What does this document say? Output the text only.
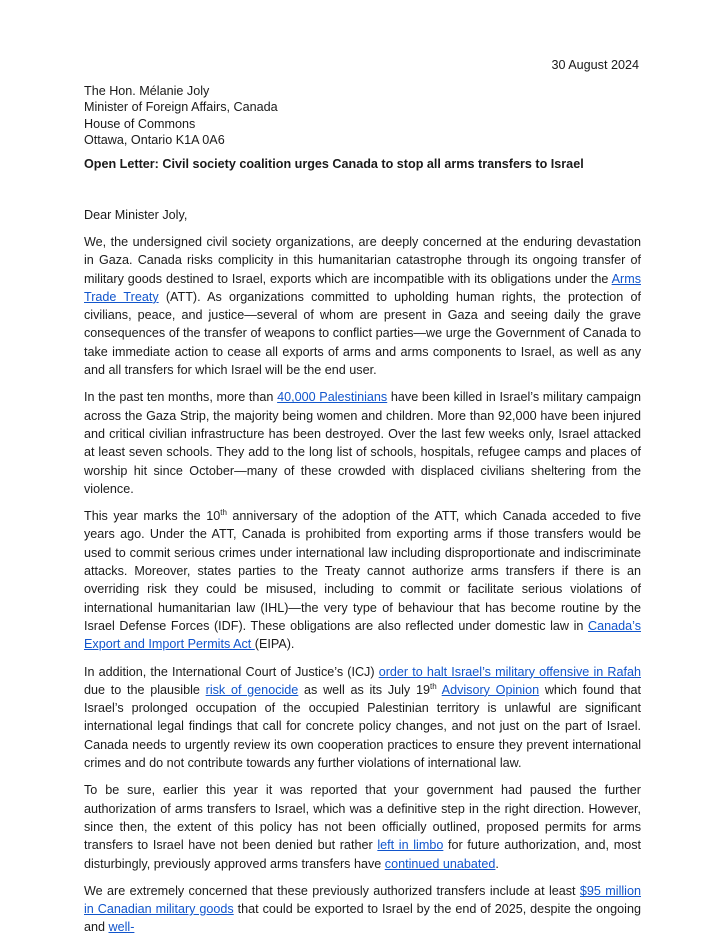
30 August 2024
The Hon. Mélanie Joly
Minister of Foreign Affairs, Canada
House of Commons
Ottawa, Ontario K1A 0A6
Open Letter: Civil society coalition urges Canada to stop all arms transfers to Israel
Dear Minister Joly,

We, the undersigned civil society organizations, are deeply concerned at the enduring devastation in Gaza. Canada risks complicity in this humanitarian catastrophe through its ongoing transfer of military goods destined to Israel, exports which are incompatible with its obligations under the Arms Trade Treaty (ATT). As organizations committed to upholding human rights, the protection of civilians, peace, and justice—several of whom are present in Gaza and seeing daily the grave consequences of the transfer of weapons to conflict parties—we urge the Government of Canada to take immediate action to cease all exports of arms and arms components to Israel, as well as any and all transfers for which Israel will be the end user.

In the past ten months, more than 40,000 Palestinians have been killed in Israel’s military campaign across the Gaza Strip, the majority being women and children. More than 92,000 have been injured and critical civilian infrastructure has been destroyed. Over the last few weeks only, Israel attacked at least seven schools. They add to the long list of schools, hospitals, refugee camps and places of worship hit since October—many of these crowded with displaced civilians sheltering from the violence.

This year marks the 10th anniversary of the adoption of the ATT, which Canada acceded to five years ago. Under the ATT, Canada is prohibited from exporting arms if those transfers would be used to commit serious crimes under international law including disproportionate and indiscriminate attacks. Moreover, states parties to the Treaty cannot authorize arms transfers if there is an overriding risk they could be misused, including to commit or facilitate serious violations of international humanitarian law (IHL)—the very type of behaviour that has become routine by the Israel Defense Forces (IDF). These obligations are also reflected under domestic law in Canada’s Export and Import Permits Act (EIPA).

In addition, the International Court of Justice’s (ICJ) order to halt Israel’s military offensive in Rafah due to the plausible risk of genocide as well as its July 19th Advisory Opinion which found that Israel’s prolonged occupation of the occupied Palestinian territory is unlawful are significant international legal findings that call for concrete policy changes, and not just on the part of Israel. Canada needs to urgently review its own cooperation practices to ensure they prevent international crimes and do not contribute towards any further violations of international law.

To be sure, earlier this year it was reported that your government had paused the further authorization of arms transfers to Israel, which was a definitive step in the right direction. However, since then, the extent of this policy has not been officially outlined, proposed permits for arms transfers to Israel have not been denied but rather left in limbo for future authorization, and, most disturbingly, previously approved arms transfers have continued unabated.

We are extremely concerned that these previously authorized transfers include at least $95 million in Canadian military goods that could be exported to Israel by the end of 2025, despite the ongoing and well-
